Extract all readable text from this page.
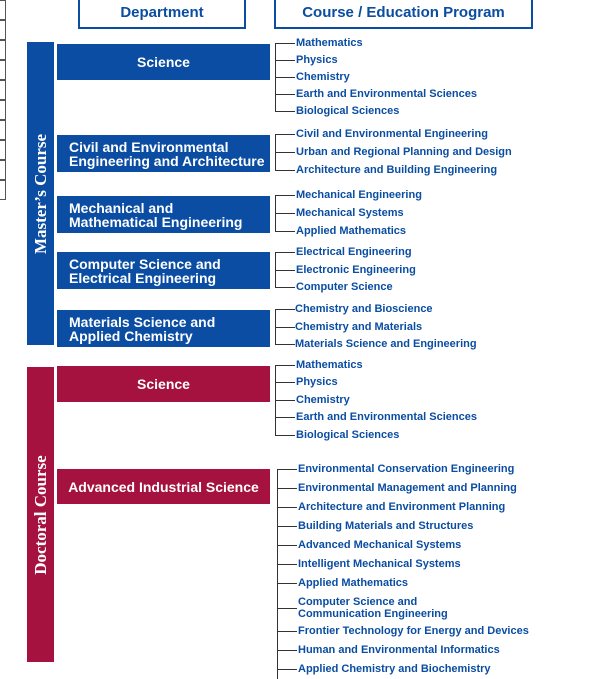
Department	Course / Education Program
Master’s Course
Doctoral Course
Science
Mathematics
Physics
Chemistry
Earth and Environmental Sciences
Biological Sciences
Civil and Environmental
Engineering and Architecture
Civil and Environmental Engineering
Urban and Regional Planning and Design
Architecture and Building Engineering
Mechanical and
Mathematical Engineering
Mechanical Engineering
Mechanical Systems
Applied Mathematics
Computer Science and
Electrical Engineering
Electrical Engineering
Electronic Engineering
Computer Science
Materials Science and
Applied Chemistry
Chemistry and Bioscience
Chemistry and Materials
Materials Science and Engineering
Science
Mathematics
Physics
Chemistry
Earth and Environmental Sciences
Biological Sciences
Advanced Industrial Science
Environmental Conservation Engineering
Environmental Management and Planning
Architecture and Environment Planning
Building Materials and Structures
Advanced Mechanical Systems
Intelligent Mechanical Systems
Applied Mathematics
Computer Science and
Communication Engineering
Frontier Technology for Energy and Devices
Human and Environmental Informatics
Applied Chemistry and Biochemistry
